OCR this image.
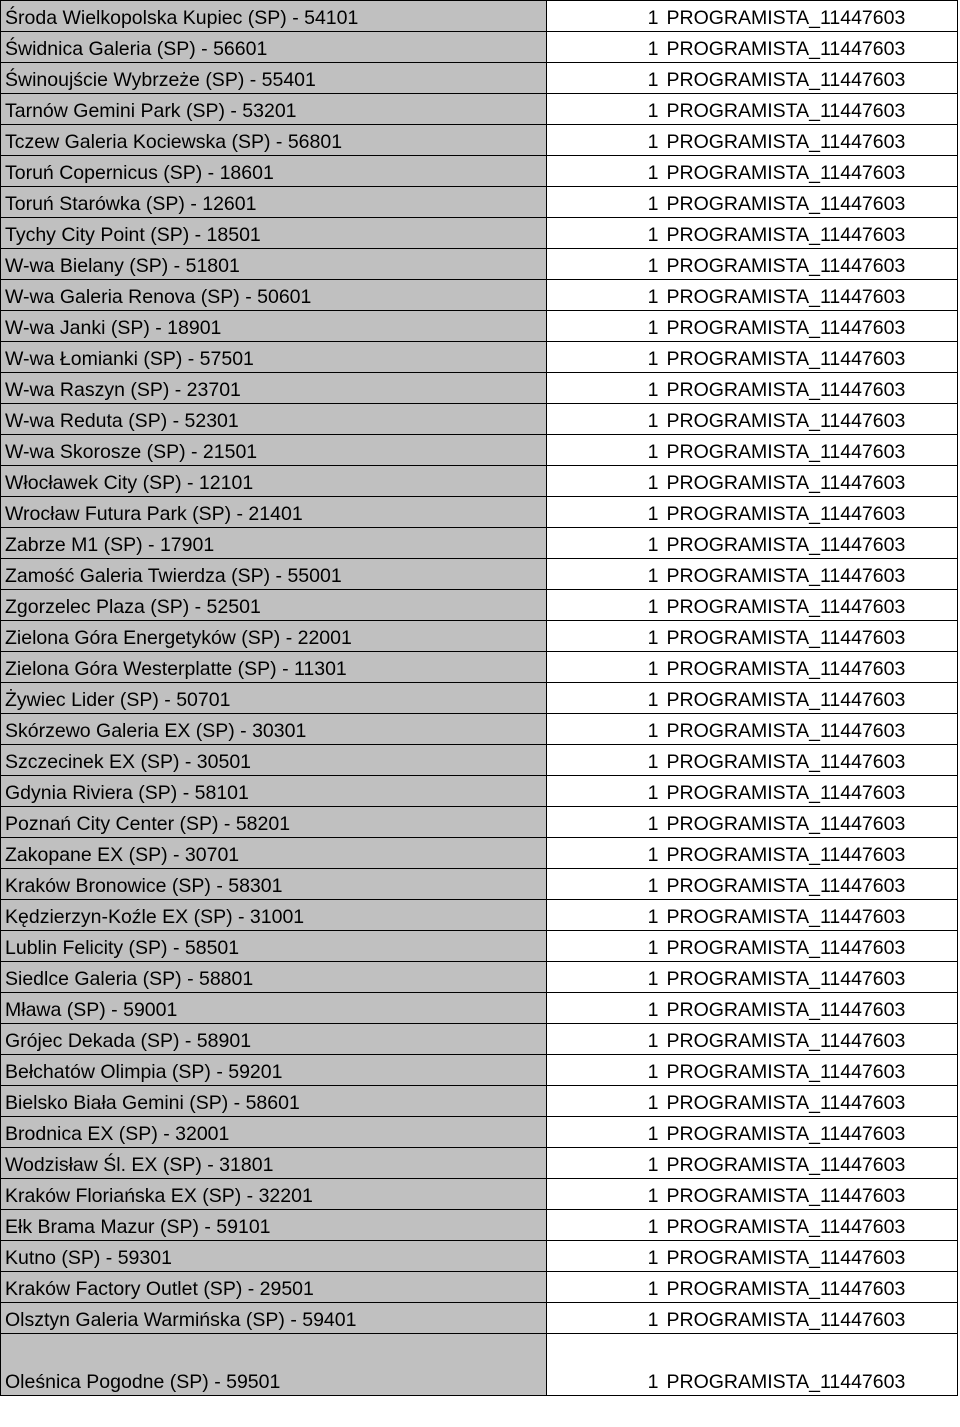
Środa Wielkopolska Kupiec (SP) - 54101	1	PROGRAMISTA_11447603
Świdnica Galeria (SP) - 56601	1	PROGRAMISTA_11447603
Świnoujście Wybrzeże (SP) - 55401	1	PROGRAMISTA_11447603
Tarnów Gemini Park (SP) - 53201	1	PROGRAMISTA_11447603
Tczew Galeria Kociewska (SP) - 56801	1	PROGRAMISTA_11447603
Toruń Copernicus (SP) - 18601	1	PROGRAMISTA_11447603
Toruń Starówka (SP) - 12601	1	PROGRAMISTA_11447603
Tychy City Point (SP) - 18501	1	PROGRAMISTA_11447603
W-wa Bielany (SP) - 51801	1	PROGRAMISTA_11447603
W-wa Galeria Renova (SP) - 50601	1	PROGRAMISTA_11447603
W-wa Janki (SP) - 18901	1	PROGRAMISTA_11447603
W-wa Łomianki (SP) - 57501	1	PROGRAMISTA_11447603
W-wa Raszyn (SP) - 23701	1	PROGRAMISTA_11447603
W-wa Reduta (SP) - 52301	1	PROGRAMISTA_11447603
W-wa Skorosze (SP) - 21501	1	PROGRAMISTA_11447603
Włocławek City (SP) - 12101	1	PROGRAMISTA_11447603
Wrocław Futura Park (SP) - 21401	1	PROGRAMISTA_11447603
Zabrze M1 (SP) - 17901	1	PROGRAMISTA_11447603
Zamość Galeria Twierdza (SP) - 55001	1	PROGRAMISTA_11447603
Zgorzelec Plaza (SP) - 52501	1	PROGRAMISTA_11447603
Zielona Góra Energetyków (SP) - 22001	1	PROGRAMISTA_11447603
Zielona Góra Westerplatte (SP) - 11301	1	PROGRAMISTA_11447603
Żywiec Lider (SP) - 50701	1	PROGRAMISTA_11447603
Skórzewo Galeria EX (SP) - 30301	1	PROGRAMISTA_11447603
Szczecinek EX (SP) - 30501	1	PROGRAMISTA_11447603
Gdynia Riviera (SP) - 58101	1	PROGRAMISTA_11447603
Poznań City Center (SP) - 58201	1	PROGRAMISTA_11447603
Zakopane EX (SP) - 30701	1	PROGRAMISTA_11447603
Kraków Bronowice (SP) - 58301	1	PROGRAMISTA_11447603
Kędzierzyn-Koźle EX (SP) - 31001	1	PROGRAMISTA_11447603
Lublin Felicity (SP) - 58501	1	PROGRAMISTA_11447603
Siedlce Galeria (SP) - 58801	1	PROGRAMISTA_11447603
Mława (SP) - 59001	1	PROGRAMISTA_11447603
Grójec Dekada (SP) - 58901	1	PROGRAMISTA_11447603
Bełchatów Olimpia (SP) - 59201	1	PROGRAMISTA_11447603
Bielsko Biała Gemini (SP) - 58601	1	PROGRAMISTA_11447603
Brodnica EX (SP) - 32001	1	PROGRAMISTA_11447603
Wodzisław Śl. EX (SP) - 31801	1	PROGRAMISTA_11447603
Kraków Floriańska EX (SP) - 32201	1	PROGRAMISTA_11447603
Ełk Brama Mazur (SP) - 59101	1	PROGRAMISTA_11447603
Kutno (SP) - 59301	1	PROGRAMISTA_11447603
Kraków Factory Outlet (SP) - 29501	1	PROGRAMISTA_11447603
Olsztyn Galeria Warmińska (SP) - 59401	1	PROGRAMISTA_11447603
Oleśnica Pogodne (SP) - 59501	1	PROGRAMISTA_11447603
